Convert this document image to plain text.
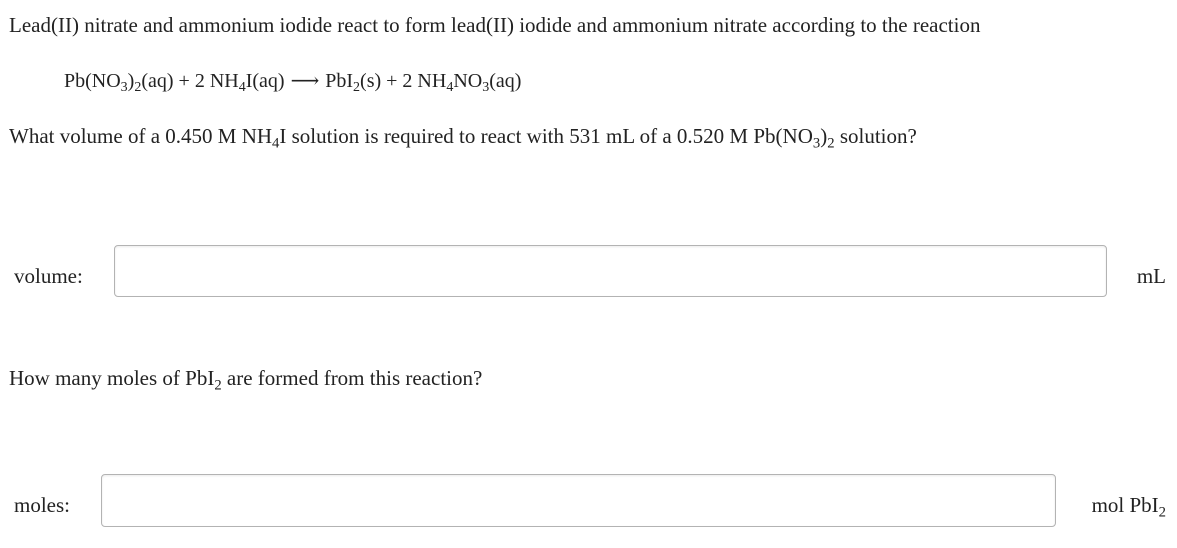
Lead(II) nitrate and ammonium iodide react to form lead(II) iodide and ammonium nitrate according to the reaction
$Pb(NO_3)_2(aq) + 2$ $NH_4I(aq)$ ⟶ PbI$_2$(s) + 2 $NH_4NO_3(aq)$
What volume of a 0.450 M $NH_4I$ solution is required to react with 531 mL of a 0.520 M $Pb(NO_3)_2$ solution?
volume:	mL
How many moles of PbI$_2$ are formed from this reaction?
moles:	mol PbI$_2$
